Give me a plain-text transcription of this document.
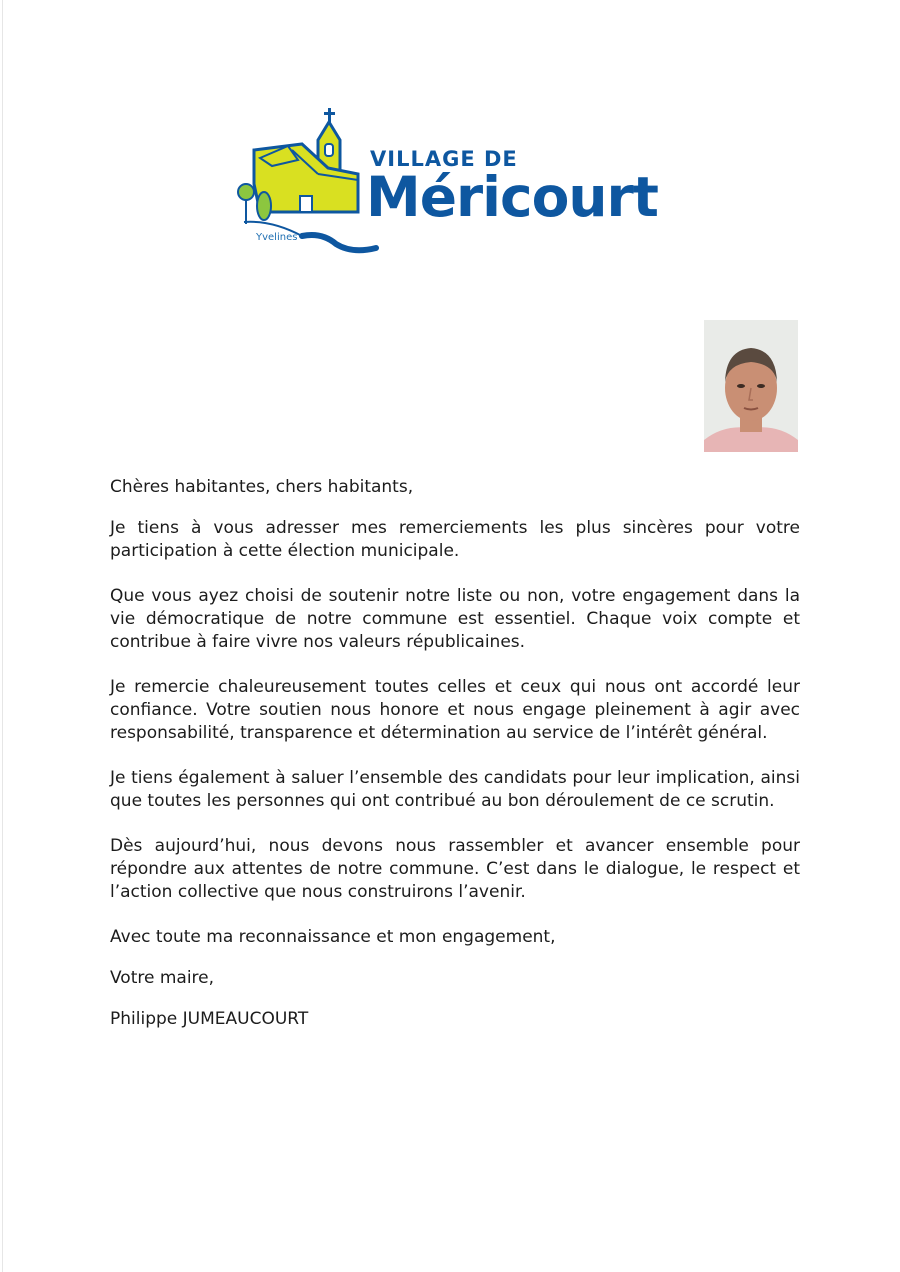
Yvelines
VILLAGE DE
Méricourt

Chères habitantes, chers habitants,

Je tiens à vous adresser mes remerciements les plus sincères pour votre participation à cette élection municipale.

Que vous ayez choisi de soutenir notre liste ou non, votre engagement dans la vie démocratique de notre commune est essentiel. Chaque voix compte et contribue à faire vivre nos valeurs républicaines.

Je remercie chaleureusement toutes celles et ceux qui nous ont accordé leur confiance. Votre soutien nous honore et nous engage pleinement à agir avec responsabilité, transparence et détermination au service de l’intérêt général.

Je tiens également à saluer l’ensemble des candidats pour leur implication, ainsi que toutes les personnes qui ont contribué au bon déroulement de ce scrutin.

Dès aujourd’hui, nous devons nous rassembler et avancer ensemble pour répondre aux attentes de notre commune. C’est dans le dialogue, le respect et l’action collective que nous construirons l’avenir.

Avec toute ma reconnaissance et mon engagement,

Votre maire,

Philippe JUMEAUCOURT
